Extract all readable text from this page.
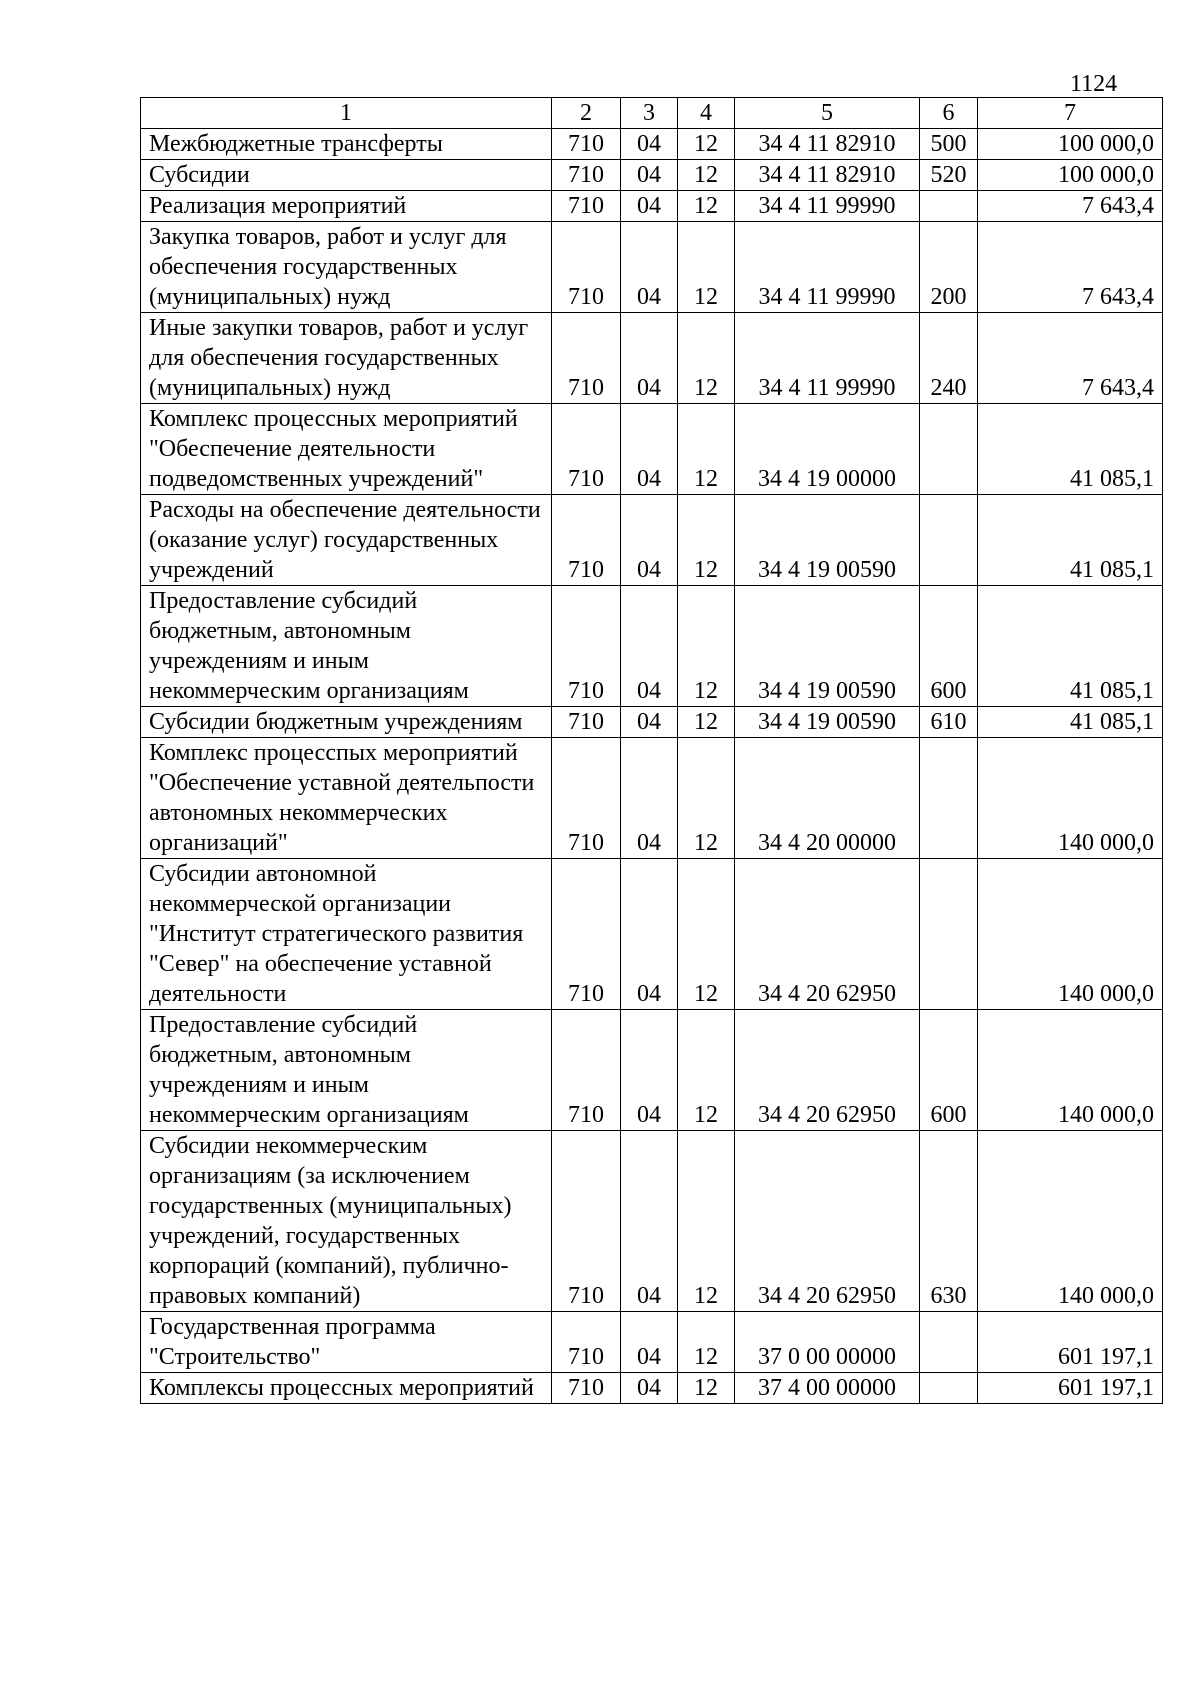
1124
1	2	3	4	5	6	7
Межбюджетные трансферты	710	04	12	34 4 11 82910	500	100 000,0
Субсидии	710	04	12	34 4 11 82910	520	100 000,0
Реализация мероприятий	710	04	12	34 4 11 99990		7 643,4
Закупка товаров, работ и услуг для обеспечения государственных (муниципальных) нужд	710	04	12	34 4 11 99990	200	7 643,4
Иные закупки товаров, работ и услуг для обеспечения государственных (муниципальных) нужд	710	04	12	34 4 11 99990	240	7 643,4
Комплекс процессных мероприятий "Обеспечение деятельности подведомственных учреждений"	710	04	12	34 4 19 00000		41 085,1
Расходы на обеспечение деятельности (оказание услуг) государственных учреждений	710	04	12	34 4 19 00590		41 085,1
Предоставление субсидий бюджетным, автономным учреждениям и иным некоммерческим организациям	710	04	12	34 4 19 00590	600	41 085,1
Субсидии бюджетным учреждениям	710	04	12	34 4 19 00590	610	41 085,1
Комплекс процесспых мероприятий "Обеспечение уставной деятельпости автономных некоммерческих организаций"	710	04	12	34 4 20 00000		140 000,0
Субсидии автономной некоммерческой организации "Институт стратегического развития "Север" на обеспечение уставной деятельности	710	04	12	34 4 20 62950		140 000,0
Предоставление субсидий бюджетным, автономным учреждениям и иным некоммерческим организациям	710	04	12	34 4 20 62950	600	140 000,0
Субсидии некоммерческим организациям (за исключением государственных (муниципальных) учреждений, государственных корпораций (компаний), публично-правовых компаний)	710	04	12	34 4 20 62950	630	140 000,0
Государственная программа "Строительство"	710	04	12	37 0 00 00000		601 197,1
Комплексы процессных мероприятий	710	04	12	37 4 00 00000		601 197,1
